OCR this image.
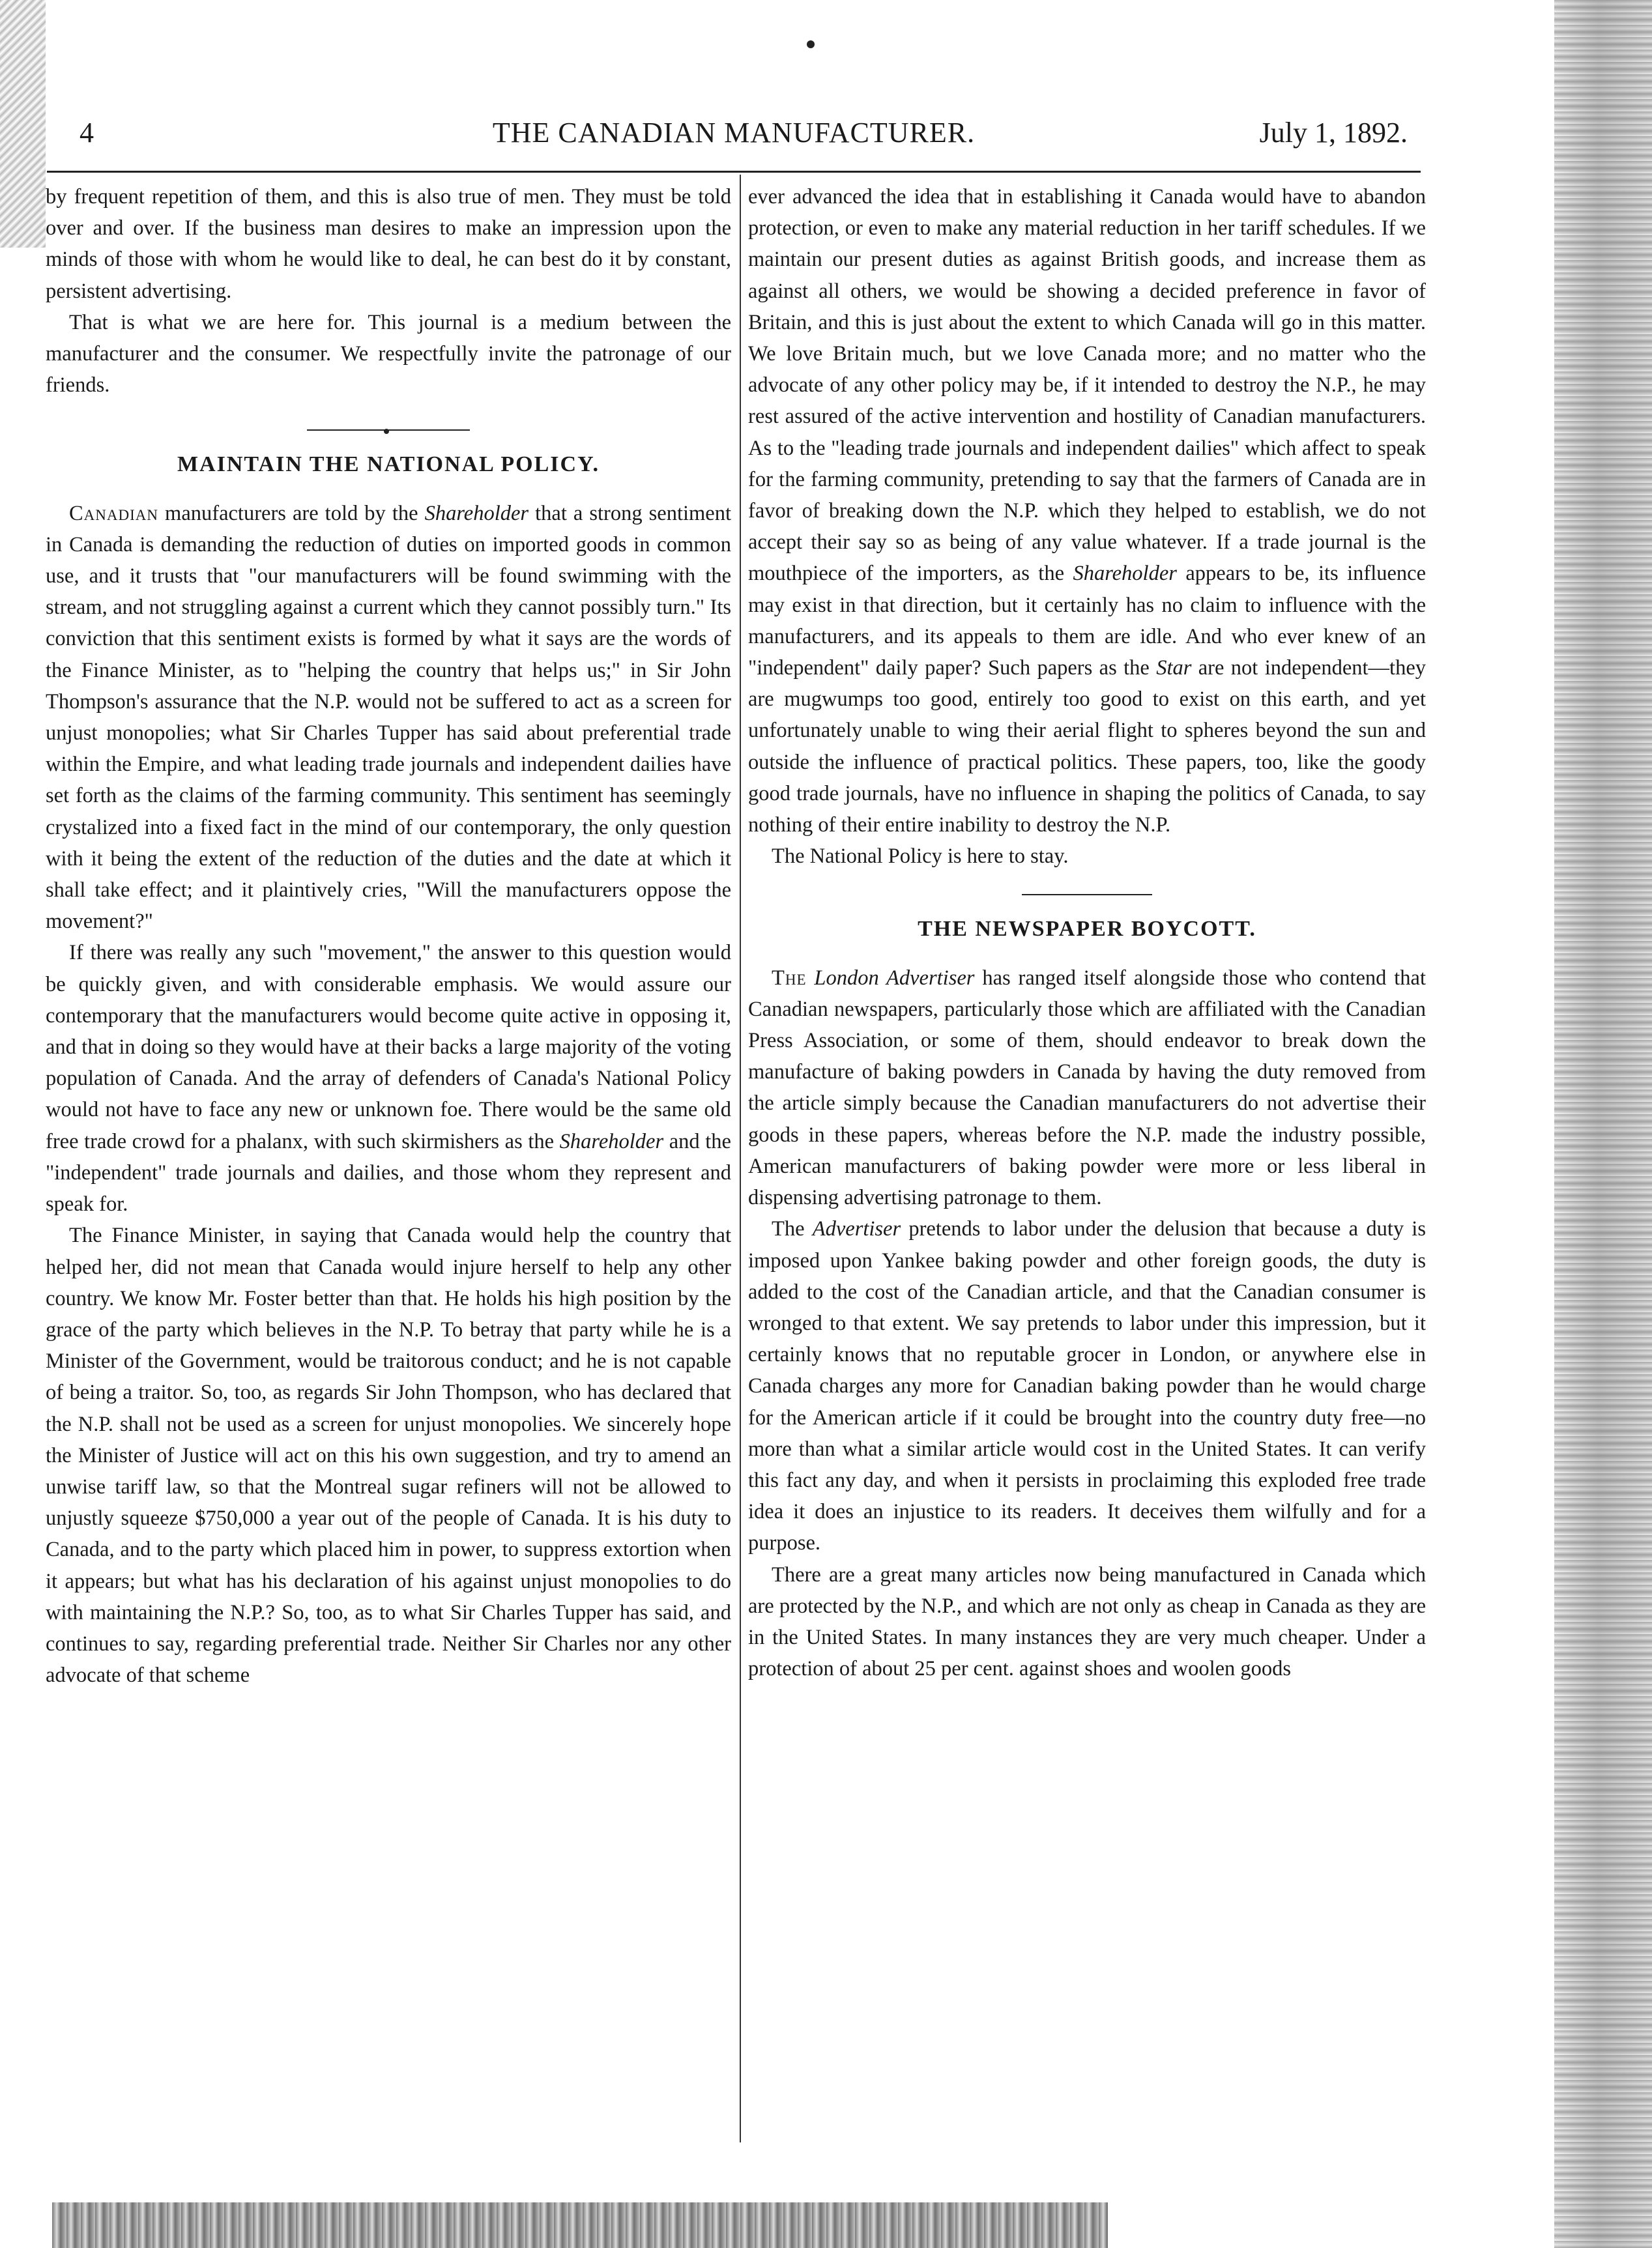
4	THE CANADIAN MANUFACTURER.	July 1, 1892.

by frequent repetition of them, and this is also true of men. They must be told over and over. If the business man desires to make an impression upon the minds of those with whom he would like to deal, he can best do it by constant, persistent advertising.

That is what we are here for. This journal is a medium between the manufacturer and the consumer. We respectfully invite the patronage of our friends.

MAINTAIN THE NATIONAL POLICY.

Canadian manufacturers are told by the Shareholder that a strong sentiment in Canada is demanding the reduction of duties on imported goods in common use, and it trusts that "our manufacturers will be found swimming with the stream, and not struggling against a current which they cannot possibly turn." Its conviction that this sentiment exists is formed by what it says are the words of the Finance Minister, as to "helping the country that helps us;" in Sir John Thompson's assurance that the N.P. would not be suffered to act as a screen for unjust monopolies; what Sir Charles Tupper has said about preferential trade within the Empire, and what leading trade journals and independent dailies have set forth as the claims of the farming community. This sentiment has seemingly crystalized into a fixed fact in the mind of our contemporary, the only question with it being the extent of the reduction of the duties and the date at which it shall take effect; and it plaintively cries, "Will the manufacturers oppose the movement?"

If there was really any such "movement," the answer to this question would be quickly given, and with considerable emphasis. We would assure our contemporary that the manufacturers would become quite active in opposing it, and that in doing so they would have at their backs a large majority of the voting population of Canada. And the array of defenders of Canada's National Policy would not have to face any new or unknown foe. There would be the same old free trade crowd for a phalanx, with such skirmishers as the Shareholder and the "independent" trade journals and dailies, and those whom they represent and speak for.

The Finance Minister, in saying that Canada would help the country that helped her, did not mean that Canada would injure herself to help any other country. We know Mr. Foster better than that. He holds his high position by the grace of the party which believes in the N.P. To betray that party while he is a Minister of the Government, would be traitorous conduct; and he is not capable of being a traitor. So, too, as regards Sir John Thompson, who has declared that the N.P. shall not be used as a screen for unjust monopolies. We sincerely hope the Minister of Justice will act on this his own suggestion, and try to amend an unwise tariff law, so that the Montreal sugar refiners will not be allowed to unjustly squeeze $750,000 a year out of the people of Canada. It is his duty to Canada, and to the party which placed him in power, to suppress extortion when it appears; but what has his declaration of his against unjust monopolies to do with maintaining the N.P.? So, too, as to what Sir Charles Tupper has said, and continues to say, regarding preferential trade. Neither Sir Charles nor any other advocate of that scheme

ever advanced the idea that in establishing it Canada would have to abandon protection, or even to make any material reduction in her tariff schedules. If we maintain our present duties as against British goods, and increase them as against all others, we would be showing a decided preference in favor of Britain, and this is just about the extent to which Canada will go in this matter. We love Britain much, but we love Canada more; and no matter who the advocate of any other policy may be, if it intended to destroy the N.P., he may rest assured of the active intervention and hostility of Canadian manufacturers. As to the "leading trade journals and independent dailies" which affect to speak for the farming community, pretending to say that the farmers of Canada are in favor of breaking down the N.P. which they helped to establish, we do not accept their say so as being of any value whatever. If a trade journal is the mouthpiece of the importers, as the Shareholder appears to be, its influence may exist in that direction, but it certainly has no claim to influence with the manufacturers, and its appeals to them are idle. And who ever knew of an "independent" daily paper? Such papers as the Star are not independent—they are mugwumps too good, entirely too good to exist on this earth, and yet unfortunately unable to wing their aerial flight to spheres beyond the sun and outside the influence of practical politics. These papers, too, like the goody good trade journals, have no influence in shaping the politics of Canada, to say nothing of their entire inability to destroy the N.P.

The National Policy is here to stay.

THE NEWSPAPER BOYCOTT.

The London Advertiser has ranged itself alongside those who contend that Canadian newspapers, particularly those which are affiliated with the Canadian Press Association, or some of them, should endeavor to break down the manufacture of baking powders in Canada by having the duty removed from the article simply because the Canadian manufacturers do not advertise their goods in these papers, whereas before the N.P. made the industry possible, American manufacturers of baking powder were more or less liberal in dispensing advertising patronage to them.

The Advertiser pretends to labor under the delusion that because a duty is imposed upon Yankee baking powder and other foreign goods, the duty is added to the cost of the Canadian article, and that the Canadian consumer is wronged to that extent. We say pretends to labor under this impression, but it certainly knows that no reputable grocer in London, or anywhere else in Canada charges any more for Canadian baking powder than he would charge for the American article if it could be brought into the country duty free—no more than what a similar article would cost in the United States. It can verify this fact any day, and when it persists in proclaiming this exploded free trade idea it does an injustice to its readers. It deceives them wilfully and for a purpose.

There are a great many articles now being manufactured in Canada which are protected by the N.P., and which are not only as cheap in Canada as they are in the United States. In many instances they are very much cheaper. Under a protection of about 25 per cent. against shoes and woolen goods
